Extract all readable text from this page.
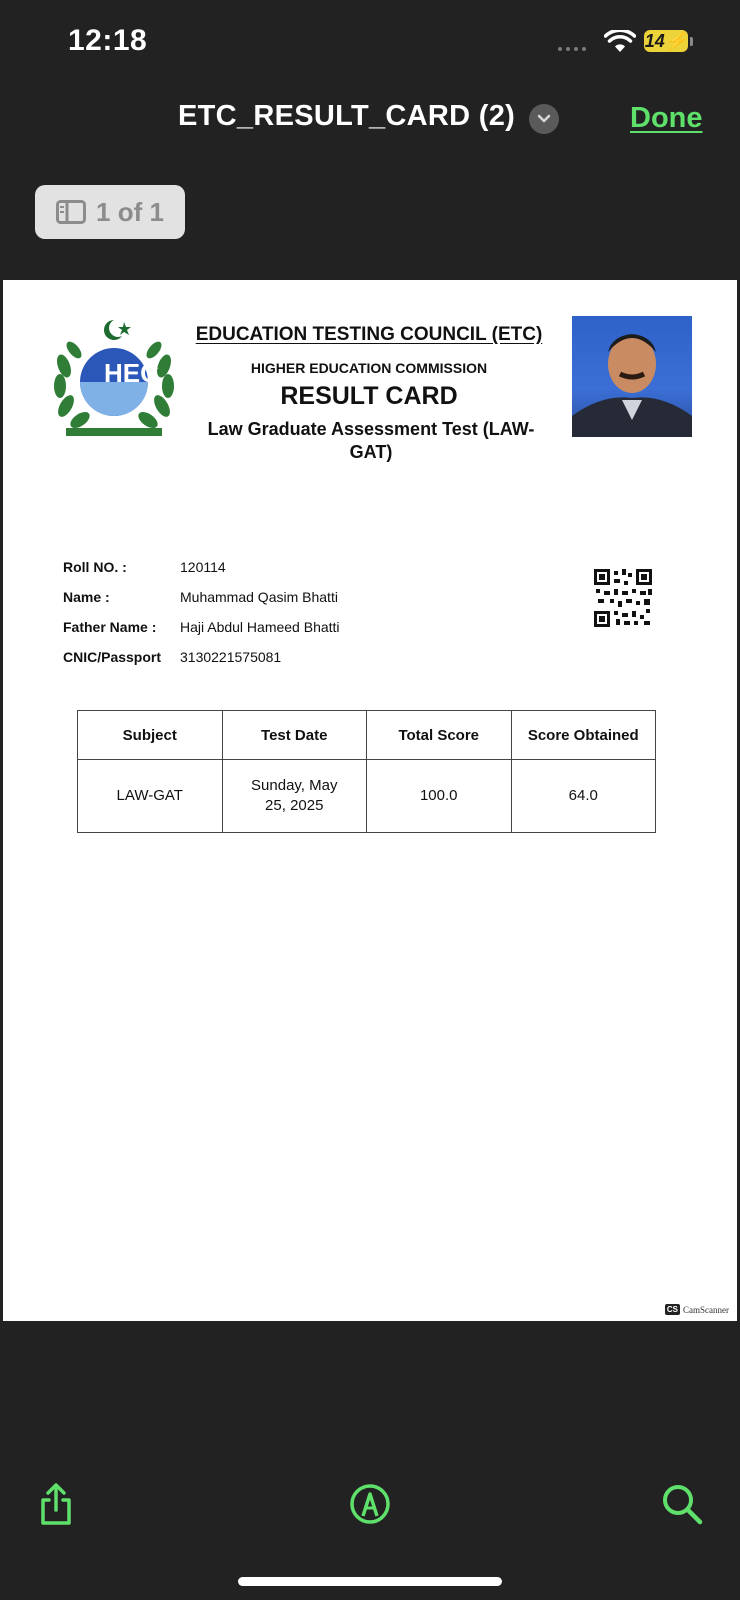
12:18	14 ⚡
ETC_RESULT_CARD (2)	Done
1 of 1
HEC
EDUCATION TESTING COUNCIL (ETC)
HIGHER EDUCATION COMMISSION
RESULT CARD
Law Graduate Assessment Test (LAW-GAT)
Roll NO. :	120114
Name :	Muhammad Qasim Bhatti
Father Name :	Haji Abdul Hameed Bhatti
CNIC/Passport	3130221575081
Subject	Test Date	Total Score	Score Obtained
LAW-GAT	Sunday, May 25, 2025	100.0	64.0
CS CamScanner
